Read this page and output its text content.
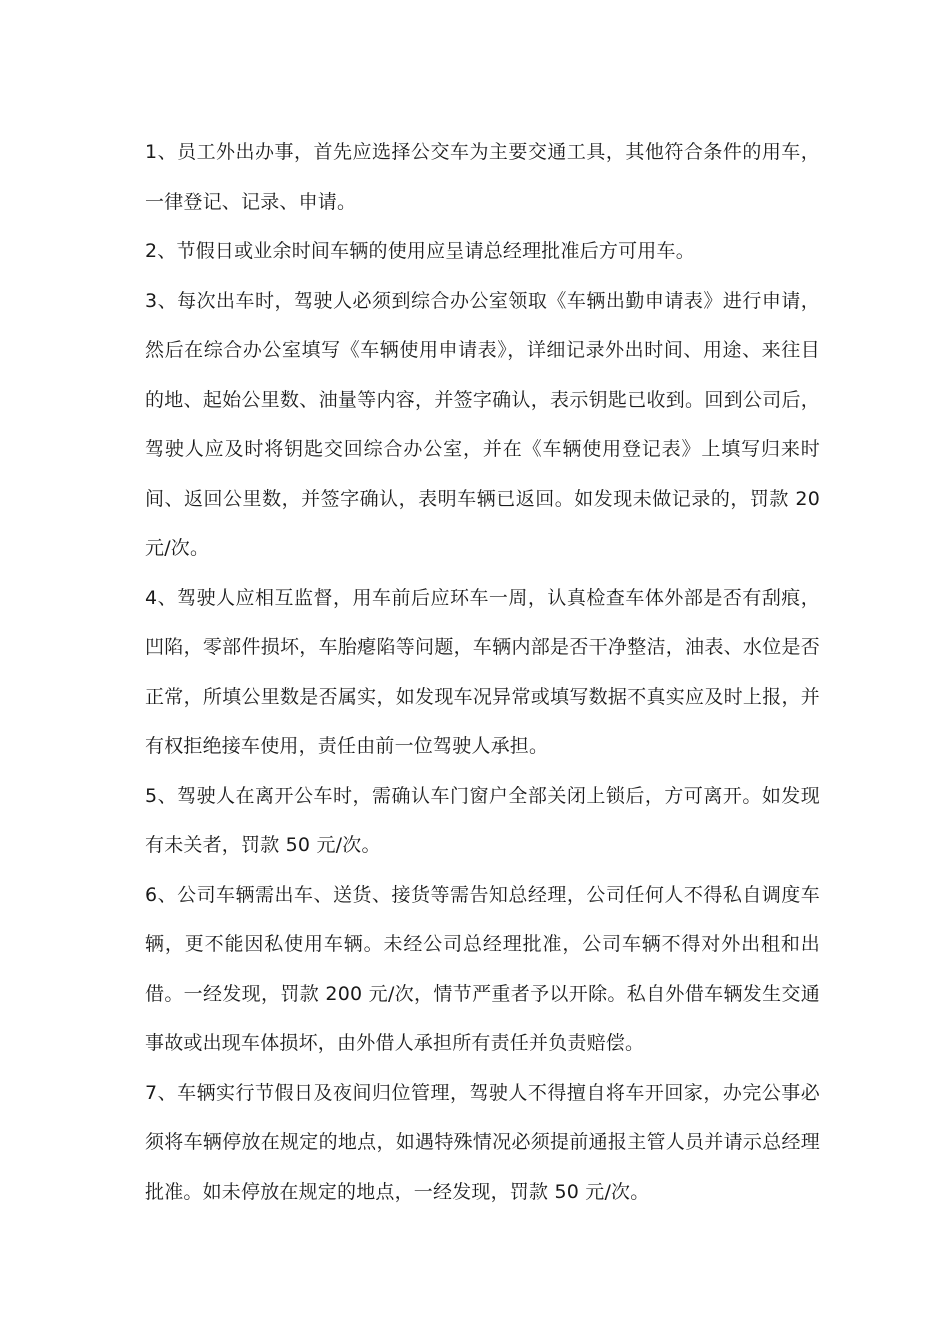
1、员工外出办事，首先应选择公交车为主要交通工具，其他符合条件的用车，一律登记、记录、申请。

2、节假日或业余时间车辆的使用应呈请总经理批准后方可用车。

3、每次出车时，驾驶人必须到综合办公室领取《车辆出勤申请表》进行申请，然后在综合办公室填写《车辆使用申请表》，详细记录外出时间、用途、来往目的地、起始公里数、油量等内容，并签字确认，表示钥匙已收到。回到公司后，驾驶人应及时将钥匙交回综合办公室，并在《车辆使用登记表》上填写归来时间、返回公里数，并签字确认，表明车辆已返回。如发现未做记录的，罚款 20 元/次。

4、驾驶人应相互监督，用车前后应环车一周，认真检查车体外部是否有刮痕，凹陷，零部件损坏，车胎瘪陷等问题，车辆内部是否干净整洁，油表、水位是否正常，所填公里数是否属实，如发现车况异常或填写数据不真实应及时上报，并有权拒绝接车使用，责任由前一位驾驶人承担。

5、驾驶人在离开公车时，需确认车门窗户全部关闭上锁后，方可离开。如发现有未关者，罚款 50 元/次。

6、公司车辆需出车、送货、接货等需告知总经理，公司任何人不得私自调度车辆，更不能因私使用车辆。未经公司总经理批准，公司车辆不得对外出租和出借。一经发现，罚款 200 元/次，情节严重者予以开除。私自外借车辆发生交通事故或出现车体损坏，由外借人承担所有责任并负责赔偿。

7、车辆实行节假日及夜间归位管理，驾驶人不得擅自将车开回家，办完公事必须将车辆停放在规定的地点，如遇特殊情况必须提前通报主管人员并请示总经理批准。如未停放在规定的地点，一经发现，罚款 50 元/次。
